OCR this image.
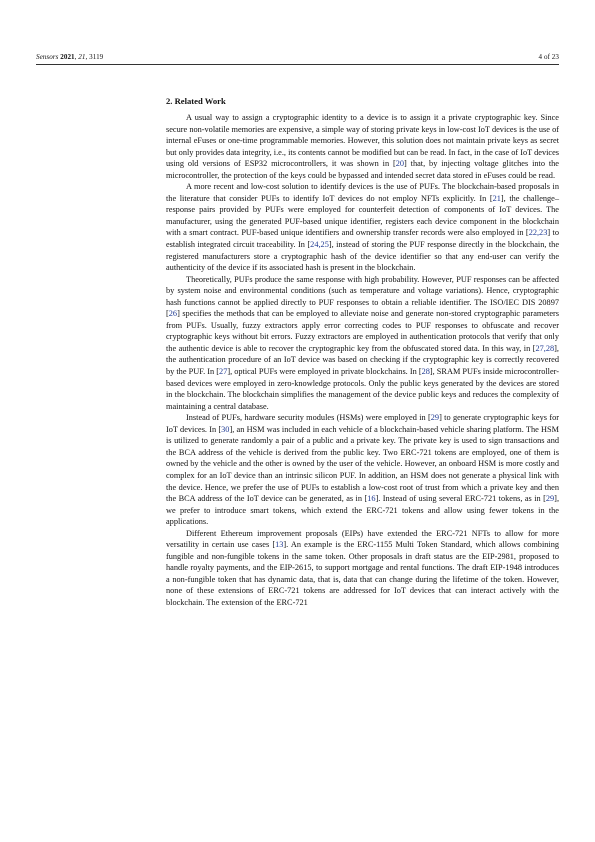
Sensors 2021, 21, 3119	4 of 23
2. Related Work

A usual way to assign a cryptographic identity to a device is to assign it a private cryptographic key. Since secure non-volatile memories are expensive, a simple way of storing private keys in low-cost IoT devices is the use of internal eFuses or one-time programmable memories. However, this solution does not maintain private keys as secret but only provides data integrity, i.e., its contents cannot be modified but can be read. In fact, in the case of IoT devices using old versions of ESP32 microcontrollers, it was shown in [20] that, by injecting voltage glitches into the microcontroller, the protection of the keys could be bypassed and intended secret data stored in eFuses could be read.

A more recent and low-cost solution to identify devices is the use of PUFs. The blockchain-based proposals in the literature that consider PUFs to identify IoT devices do not employ NFTs explicitly. In [21], the challenge–response pairs provided by PUFs were employed for counterfeit detection of components of IoT devices. The manufacturer, using the generated PUF-based unique identifier, registers each device component in the blockchain with a smart contract. PUF-based unique identifiers and ownership transfer records were also employed in [22,23] to establish integrated circuit traceability. In [24,25], instead of storing the PUF response directly in the blockchain, the registered manufacturers store a cryptographic hash of the device identifier so that any end-user can verify the authenticity of the device if its associated hash is present in the blockchain.

Theoretically, PUFs produce the same response with high probability. However, PUF responses can be affected by system noise and environmental conditions (such as temperature and voltage variations). Hence, cryptographic hash functions cannot be applied directly to PUF responses to obtain a reliable identifier. The ISO/IEC DIS 20897 [26] specifies the methods that can be employed to alleviate noise and generate non-stored cryptographic parameters from PUFs. Usually, fuzzy extractors apply error correcting codes to PUF responses to obfuscate and recover cryptographic keys without bit errors. Fuzzy extractors are employed in authentication protocols that verify that only the authentic device is able to recover the cryptographic key from the obfuscated stored data. In this way, in [27,28], the authentication procedure of an IoT device was based on checking if the cryptographic key is correctly recovered by the PUF. In [27], optical PUFs were employed in private blockchains. In [28], SRAM PUFs inside microcontroller-based devices were employed in zero-knowledge protocols. Only the public keys generated by the devices are stored in the blockchain. The blockchain simplifies the management of the device public keys and reduces the complexity of maintaining a central database.

Instead of PUFs, hardware security modules (HSMs) were employed in [29] to generate cryptographic keys for IoT devices. In [30], an HSM was included in each vehicle of a blockchain-based vehicle sharing platform. The HSM is utilized to generate randomly a pair of a public and a private key. The private key is used to sign transactions and the BCA address of the vehicle is derived from the public key. Two ERC-721 tokens are employed, one of them is owned by the vehicle and the other is owned by the user of the vehicle. However, an onboard HSM is more costly and complex for an IoT device than an intrinsic silicon PUF. In addition, an HSM does not generate a physical link with the device. Hence, we prefer the use of PUFs to establish a low-cost root of trust from which a private key and then the BCA address of the IoT device can be generated, as in [16]. Instead of using several ERC-721 tokens, as in [29], we prefer to introduce smart tokens, which extend the ERC-721 tokens and allow using fewer tokens in the applications.

Different Ethereum improvement proposals (EIPs) have extended the ERC-721 NFTs to allow for more versatility in certain use cases [13]. An example is the ERC-1155 Multi Token Standard, which allows combining fungible and non-fungible tokens in the same token. Other proposals in draft status are the EIP-2981, proposed to handle royalty payments, and the EIP-2615, to support mortgage and rental functions. The draft EIP-1948 introduces a non-fungible token that has dynamic data, that is, data that can change during the lifetime of the token. However, none of these extensions of ERC-721 tokens are addressed for IoT devices that can interact actively with the blockchain. The extension of the ERC-721
